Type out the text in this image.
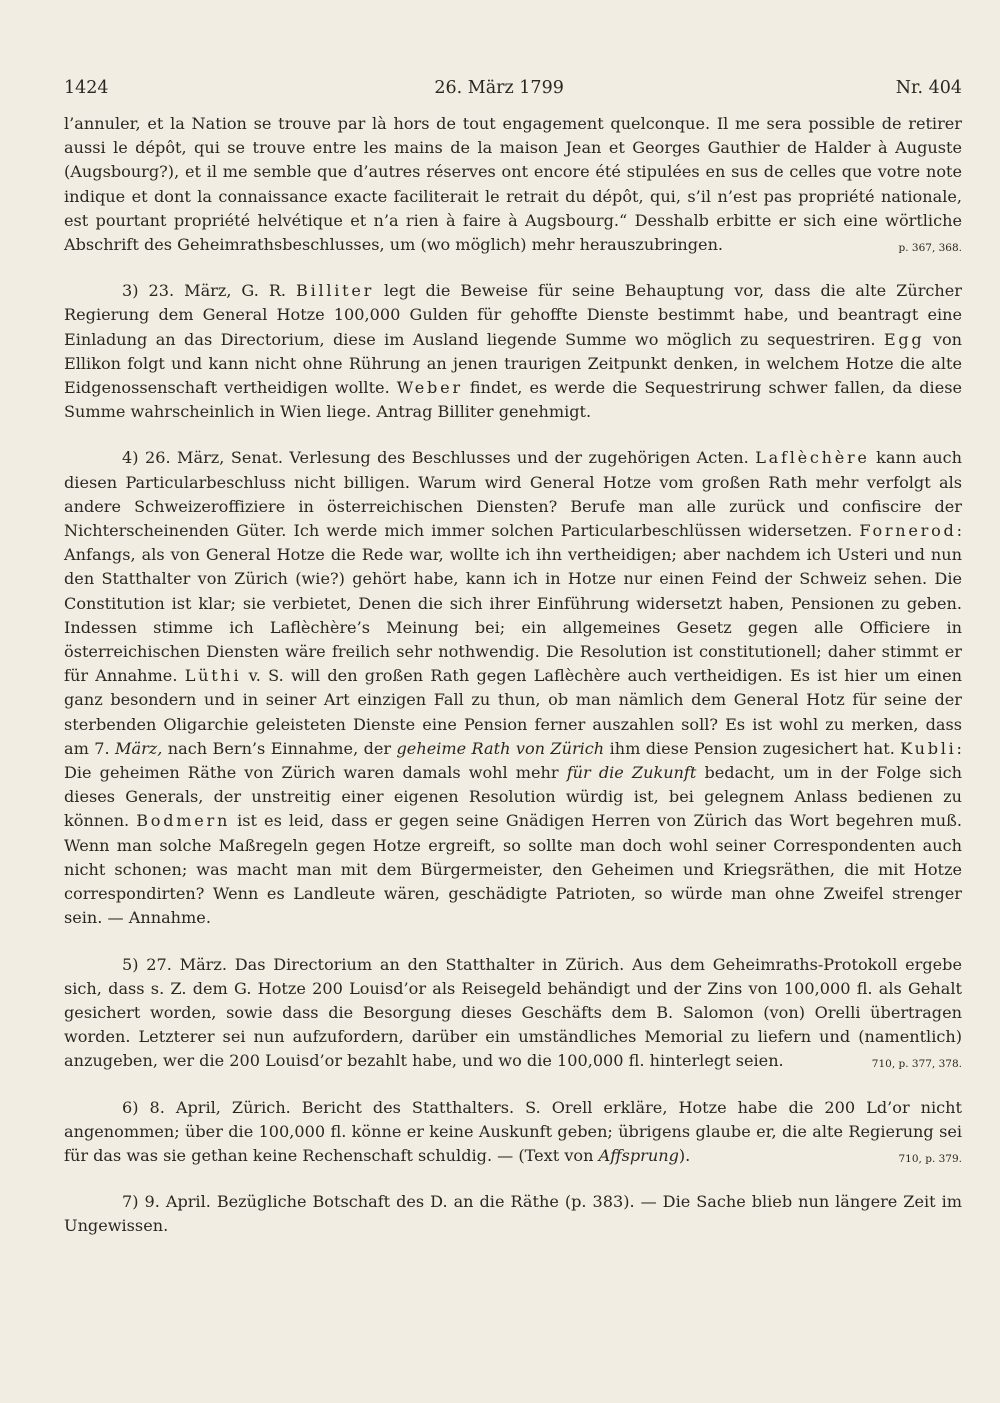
1424	26. März 1799	Nr. 404

l’annuler, et la Nation se trouve par là hors de tout engagement quelconque. Il me sera possible de retirer aussi le dépôt, qui se trouve entre les mains de la maison Jean et Georges Gauthier de Halder à Auguste (Augsbourg?), et il me semble que d’autres réserves ont encore été stipulées en sus de celles que votre note indique et dont la connaissance exacte faciliterait le retrait du dépôt, qui, s’il n’est pas propriété nationale, est pourtant propriété helvétique et n’a rien à faire à Augsbourg.“ Desshalb erbitte er sich eine wörtliche Abschrift des Geheimrathsbeschlusses, um (wo möglich) mehr herauszubringen.	p. 367, 368.

3) 23. März, G. R. Billiter legt die Beweise für seine Behauptung vor, dass die alte Zürcher Regierung dem General Hotze 100,000 Gulden für gehoffte Dienste bestimmt habe, und beantragt eine Einladung an das Directorium, diese im Ausland liegende Summe wo möglich zu sequestriren. Egg von Ellikon folgt und kann nicht ohne Rührung an jenen traurigen Zeitpunkt denken, in welchem Hotze die alte Eidgenossenschaft vertheidigen wollte. Weber findet, es werde die Sequestrirung schwer fallen, da diese Summe wahrscheinlich in Wien liege. Antrag Billiter genehmigt.

4) 26. März, Senat. Verlesung des Beschlusses und der zugehörigen Acten. Laflèchère kann auch diesen Particularbeschluss nicht billigen. Warum wird General Hotze vom großen Rath mehr verfolgt als andere Schweizeroffiziere in österreichischen Diensten? Berufe man alle zurück und confiscire der Nichterscheinenden Güter. Ich werde mich immer solchen Particularbeschlüssen widersetzen. Fornerod: Anfangs, als von General Hotze die Rede war, wollte ich ihn vertheidigen; aber nachdem ich Usteri und nun den Statthalter von Zürich (wie?) gehört habe, kann ich in Hotze nur einen Feind der Schweiz sehen. Die Constitution ist klar; sie verbietet, Denen die sich ihrer Einführung widersetzt haben, Pensionen zu geben. Indessen stimme ich Laflèchère’s Meinung bei; ein allgemeines Gesetz gegen alle Officiere in österreichischen Diensten wäre freilich sehr nothwendig. Die Resolution ist constitutionell; daher stimmt er für Annahme. Lüthi v. S. will den großen Rath gegen Laflèchère auch vertheidigen. Es ist hier um einen ganz besondern und in seiner Art einzigen Fall zu thun, ob man nämlich dem General Hotz für seine der sterbenden Oligarchie geleisteten Dienste eine Pension ferner auszahlen soll? Es ist wohl zu merken, dass am 7. März, nach Bern’s Einnahme, der geheime Rath von Zürich ihm diese Pension zugesichert hat. Kubli: Die geheimen Räthe von Zürich waren damals wohl mehr für die Zukunft bedacht, um in der Folge sich dieses Generals, der unstreitig einer eigenen Resolution würdig ist, bei gelegnem Anlass bedienen zu können. Bodmern ist es leid, dass er gegen seine Gnädigen Herren von Zürich das Wort begehren muß. Wenn man solche Maßregeln gegen Hotze ergreift, so sollte man doch wohl seiner Correspondenten auch nicht schonen; was macht man mit dem Bürgermeister, den Geheimen und Kriegsräthen, die mit Hotze correspondirten? Wenn es Landleute wären, geschädigte Patrioten, so würde man ohne Zweifel strenger sein. — Annahme.

5) 27. März. Das Directorium an den Statthalter in Zürich. Aus dem Geheimraths-Protokoll ergebe sich, dass s. Z. dem G. Hotze 200 Louisd’or als Reisegeld behändigt und der Zins von 100,000 fl. als Gehalt gesichert worden, sowie dass die Besorgung dieses Geschäfts dem B. Salomon (von) Orelli übertragen worden. Letzterer sei nun aufzufordern, darüber ein umständliches Memorial zu liefern und (namentlich) anzugeben, wer die 200 Louisd’or bezahlt habe, und wo die 100,000 fl. hinterlegt seien.	710, p. 377, 378.

6) 8. April, Zürich. Bericht des Statthalters. S. Orell erkläre, Hotze habe die 200 Ld’or nicht angenommen; über die 100,000 fl. könne er keine Auskunft geben; übrigens glaube er, die alte Regierung sei für das was sie gethan keine Rechenschaft schuldig. — (Text von Affsprung).	710, p. 379.

7) 9. April. Bezügliche Botschaft des D. an die Räthe (p. 383). — Die Sache blieb nun längere Zeit im Ungewissen.
